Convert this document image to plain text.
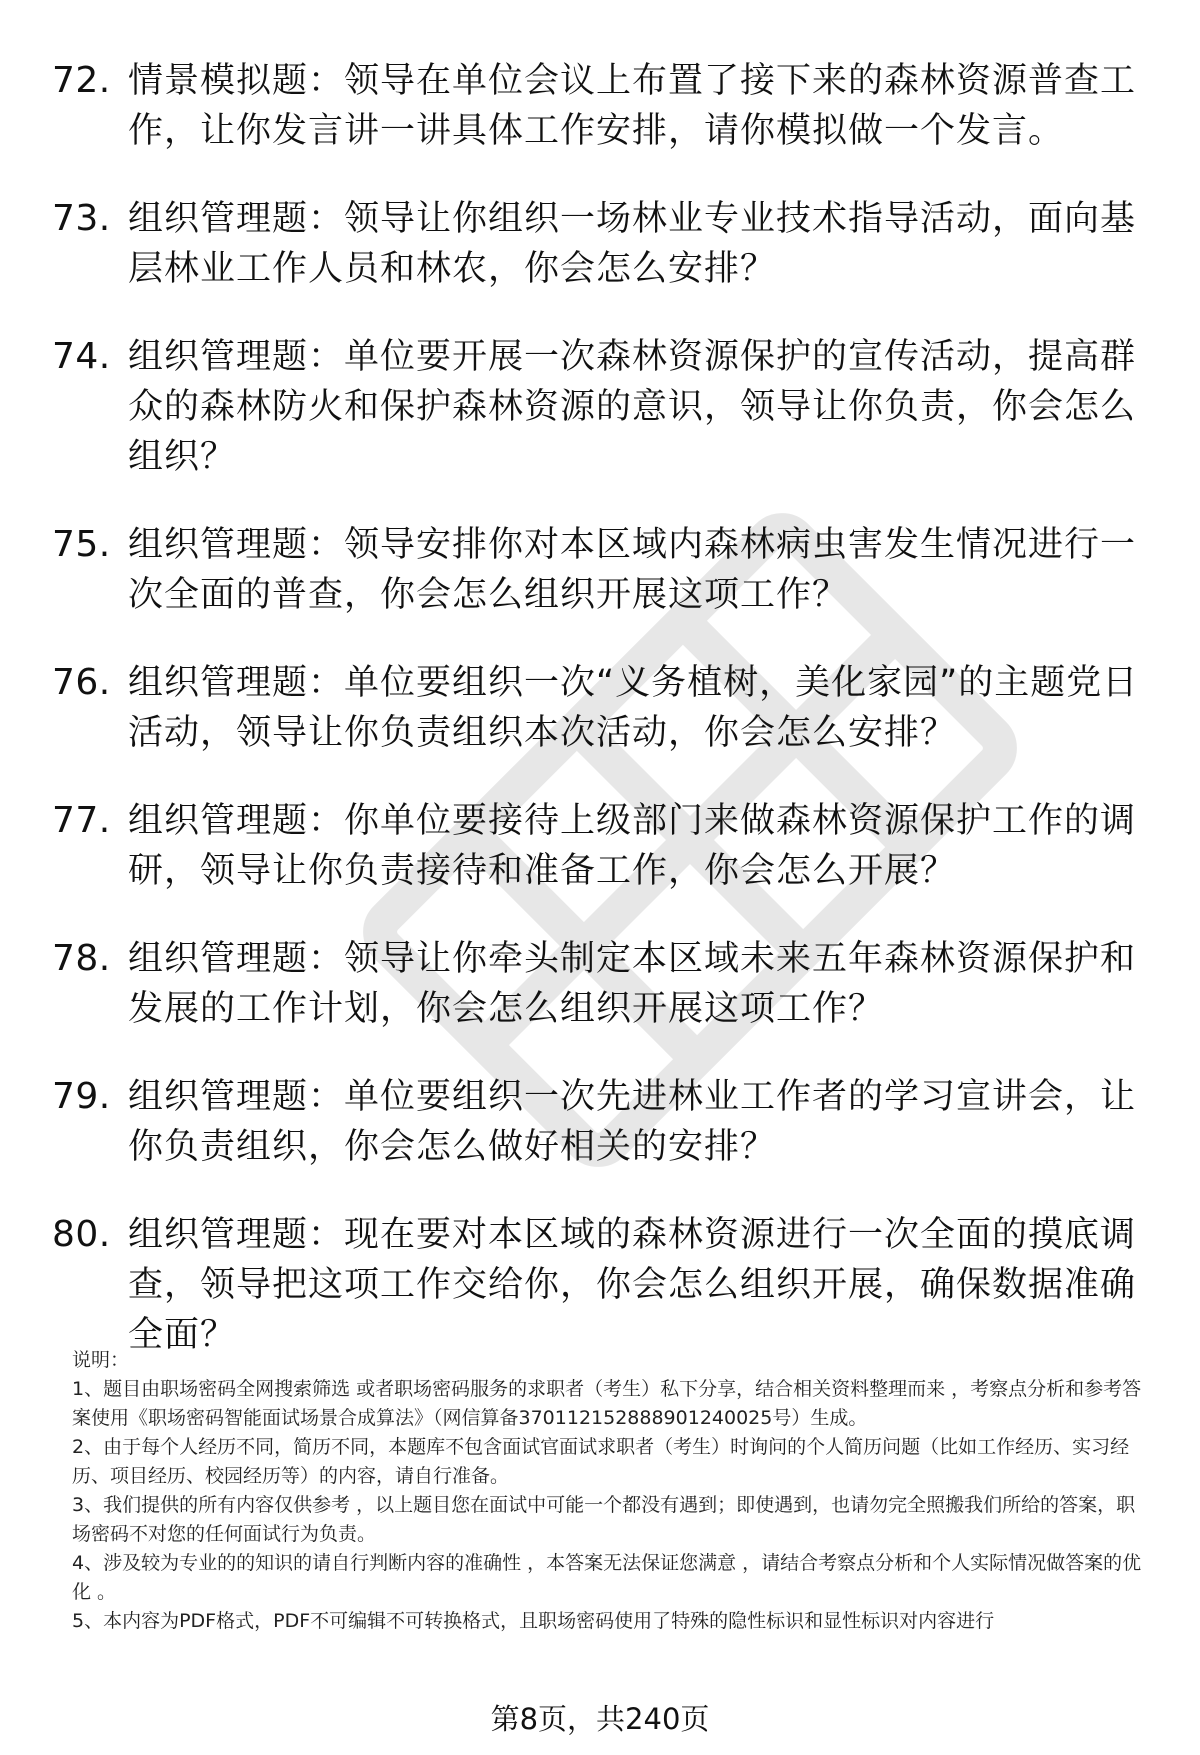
72. 情景模拟题：领导在单位会议上布置了接下来的森林资源普查工作，让你发言讲一讲具体工作安排，请你模拟做一个发言。
73. 组织管理题：领导让你组织一场林业专业技术指导活动，面向基层林业工作人员和林农，你会怎么安排？
74. 组织管理题：单位要开展一次森林资源保护的宣传活动，提高群众的森林防火和保护森林资源的意识，领导让你负责，你会怎么组织？
75. 组织管理题：领导安排你对本区域内森林病虫害发生情况进行一次全面的普查，你会怎么组织开展这项工作？
76. 组织管理题：单位要组织一次“义务植树，美化家园”的主题党日活动，领导让你负责组织本次活动，你会怎么安排？
77. 组织管理题：你单位要接待上级部门来做森林资源保护工作的调研，领导让你负责接待和准备工作，你会怎么开展？
78. 组织管理题：领导让你牵头制定本区域未来五年森林资源保护和发展的工作计划，你会怎么组织开展这项工作？
79. 组织管理题：单位要组织一次先进林业工作者的学习宣讲会，让你负责组织，你会怎么做好相关的安排？
80. 组织管理题：现在要对本区域的森林资源进行一次全面的摸底调查，领导把这项工作交给你，你会怎么组织开展，确保数据准确全面？

说明：

1、题目由职场密码全网搜索筛选 或者职场密码服务的求职者（考生）私下分享，结合相关资料整理而来 ，考察点分析和参考答案使用《职场密码智能面试场景合成算法》（网信算备370112152888901240025号）生成。

2、由于每个人经历不同，简历不同，本题库不包含面试官面试求职者（考生）时询问的个人简历问题（比如工作经历、实习经历、项目经历、校园经历等）的内容，请自行准备。

3、我们提供的所有内容仅供参考 ，以上题目您在面试中可能一个都没有遇到；即使遇到，也请勿完全照搬我们所给的答案，职场密码不对您的任何面试行为负责。

4、涉及较为专业的的知识的请自行判断内容的准确性 ，本答案无法保证您满意 ，请结合考察点分析和个人实际情况做答案的优化 。

5、本内容为PDF格式，PDF不可编辑不可转换格式，且职场密码使用了特殊的隐性标识和显性标识对内容进行

第8页，共240页
